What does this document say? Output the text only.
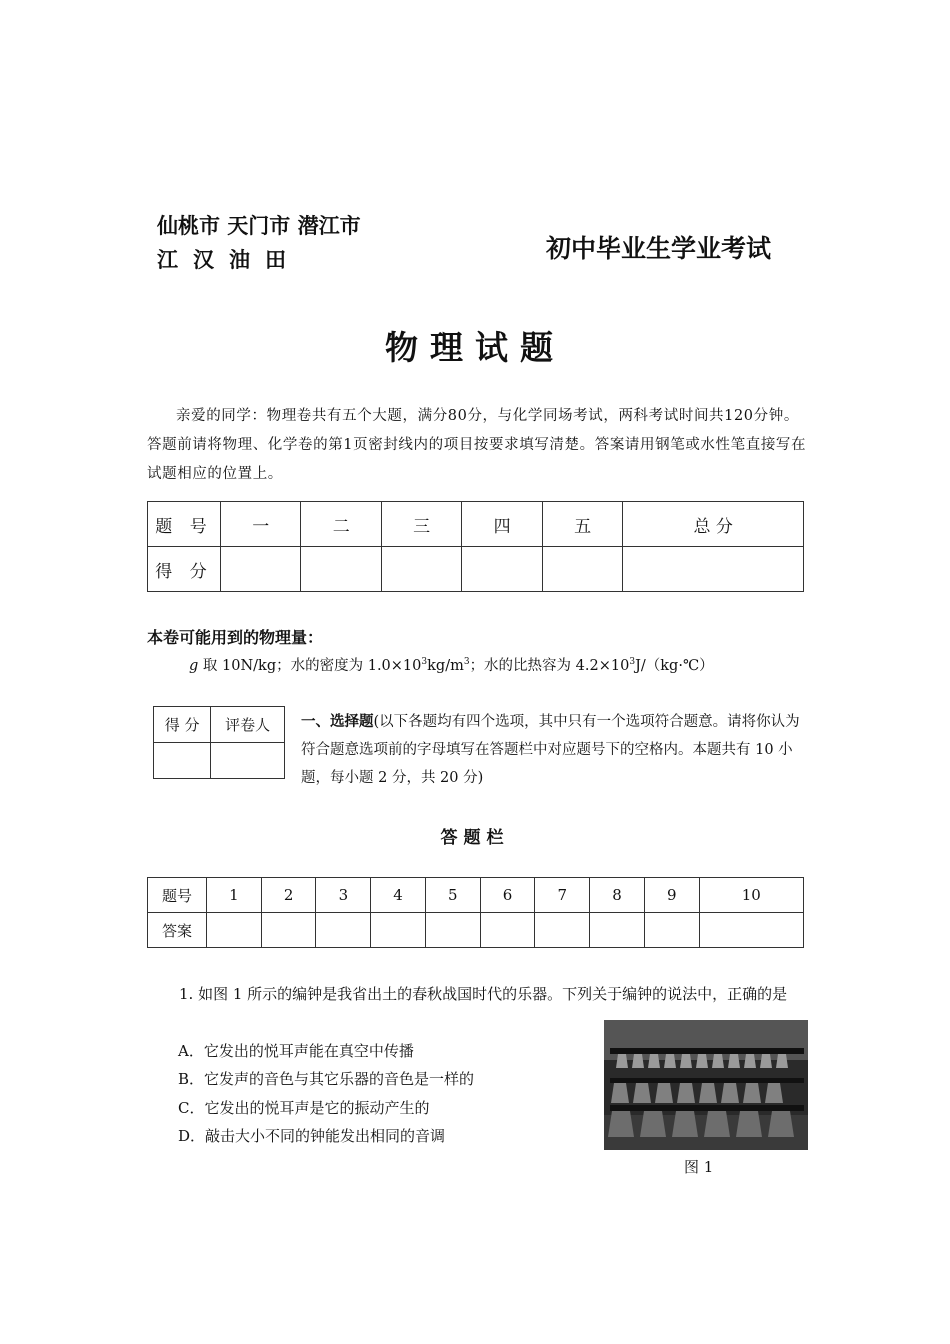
仙桃市 天门市 潜江市
江 汉 油 田	初中毕业生学业考试
物理试题
亲爱的同学：物理卷共有五个大题，满分80分，与化学同场考试，两科考试时间共120分钟。答题前请将物理、化学卷的第1页密封线内的项目按要求填写清楚。答案请用钢笔或水性笔直接写在试题相应的位置上。
题 号	一	二	三	四	五	总 分
得 分						
本卷可能用到的物理量：
g 取 10N/kg；水的密度为 $1.0\times 10^3kg/m^3$；水的比热容为 $4.2\times 10^3J/(kg\cdot℃)$
得 分	评卷人
	一、选择题(以下各题均有四个选项，其中只有一个选项符合题意。请将你认为符合题意选项前的字母填写在答题栏中对应题号下的空格内。本题共有 10 小题，每小题 2 分，共 20 分)
答题栏
题号	1	2	3	4	5	6	7	8	9	10
答案										
1. 如图 1 所示的编钟是我省出土的春秋战国时代的乐器。下列关于编钟的说法中，正确的是
A．它发出的悦耳声能在真空中传播
B．它发声的音色与其它乐器的音色是一样的
C．它发出的悦耳声是它的振动产生的
D．敲击大小不同的钟能发出相同的音调
图 1
